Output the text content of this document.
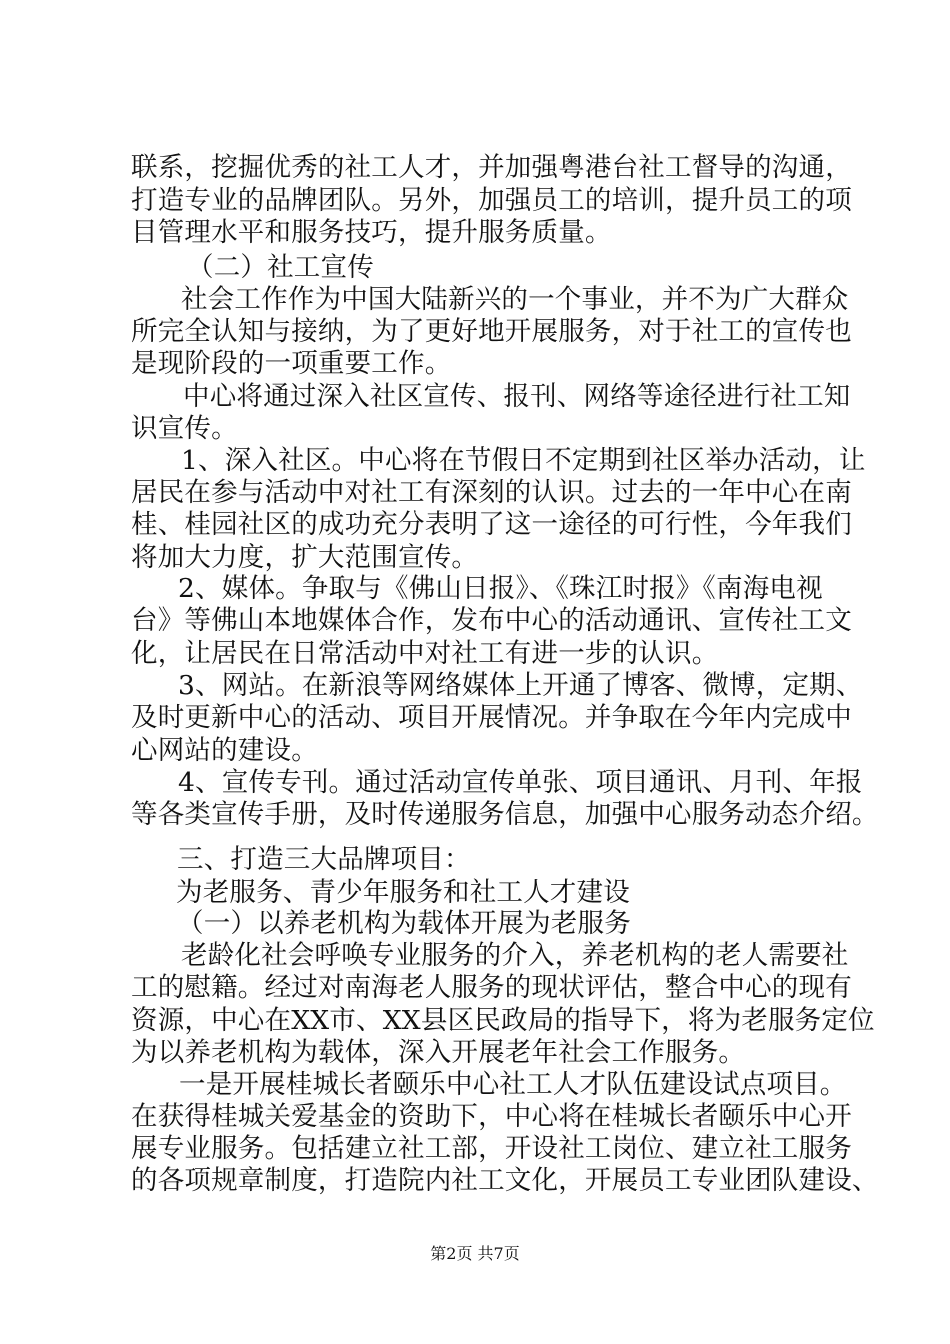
联系，挖掘优秀的社工人才，并加强粤港台社工督导的沟通，
打造专业的品牌团队。另外，加强员工的培训，提升员工的项
目管理水平和服务技巧，提升服务质量。
（二）社工宣传
社会工作作为中国大陆新兴的一个事业，并不为广大群众
所完全认知与接纳，为了更好地开展服务，对于社工的宣传也
是现阶段的一项重要工作。
中心将通过深入社区宣传、报刊、网络等途径进行社工知
识宣传。
1、深入社区。中心将在节假日不定期到社区举办活动，让
居民在参与活动中对社工有深刻的认识。过去的一年中心在南
桂、桂园社区的成功充分表明了这一途径的可行性，今年我们
将加大力度，扩大范围宣传。
2、媒体。争取与《佛山日报》、《珠江时报》《南海电视
台》等佛山本地媒体合作，发布中心的活动通讯、宣传社工文
化，让居民在日常活动中对社工有进一步的认识。
3、网站。在新浪等网络媒体上开通了博客、微博，定期、
及时更新中心的活动、项目开展情况。并争取在今年内完成中
心网站的建设。
4、宣传专刊。通过活动宣传单张、项目通讯、月刊、年报
等各类宣传手册，及时传递服务信息，加强中心服务动态介绍。
三、打造三大品牌项目：
为老服务、青少年服务和社工人才建设
（一）以养老机构为载体开展为老服务
老龄化社会呼唤专业服务的介入，养老机构的老人需要社
工的慰籍。经过对南海老人服务的现状评估，整合中心的现有
资源，中心在XX市、XX县区民政局的指导下，将为老服务定位
为以养老机构为载体，深入开展老年社会工作服务。
一是开展桂城长者颐乐中心社工人才队伍建设试点项目。
在获得桂城关爱基金的资助下，中心将在桂城长者颐乐中心开
展专业服务。包括建立社工部，开设社工岗位、建立社工服务
的各项规章制度，打造院内社工文化，开展员工专业团队建设、
第2页 共7页
